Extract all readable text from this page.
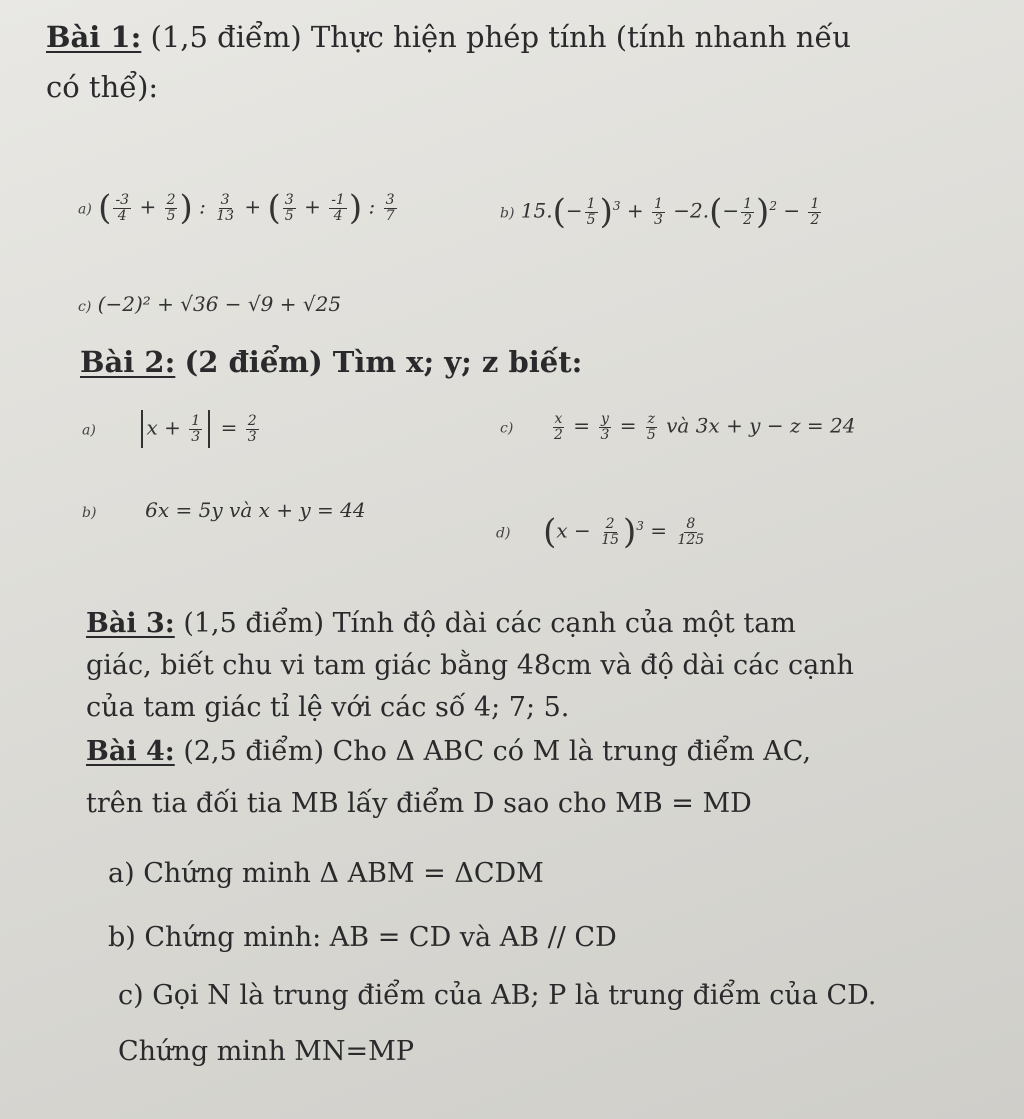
Bài 1: (1,5 điểm) Thực hiện phép tính (tính nhanh nếu
có thể):
a) ( $\frac{-3}{4} + \frac{2}{5}$ ) : $\frac{3}{13}$ + ( $\frac{3}{5} + \frac{-1}{4}$ ) : $\frac{3}{7}$	b) $15.(- \frac{1}{5} )^3 + \frac{1}{3} -2.(- \frac{1}{2} )^2 - \frac{1}{2}$
c) (−2)² + √36 − √9 + √25
Bài 2: (2 điểm) Tìm x; y; z biết:
a)	$x + \frac{1}{3} = \frac{2}{3}$	c)	$\frac{x}{2} = \frac{y}{3} = \frac{z}{5}$ và 3x + y − z = 24
b) 6x = 5y và x + y = 44
d) $(x - \frac{2}{15} )^3 = \frac{8}{125}$
Bài 3: (1,5 điểm) Tính độ dài các cạnh của một tam
giác, biết chu vi tam giác bằng 48cm và độ dài các cạnh
của tam giác tỉ lệ với các số 4; 7; 5.
Bài 4: (2,5 điểm) Cho Δ ABC có M là trung điểm AC,
trên tia đối tia MB lấy điểm D sao cho MB = MD
a) Chứng minh Δ ABM = ΔCDM
b) Chứng minh: AB = CD và AB // CD
c) Gọi N là trung điểm của AB; P là trung điểm của CD.
Chứng minh MN=MP
